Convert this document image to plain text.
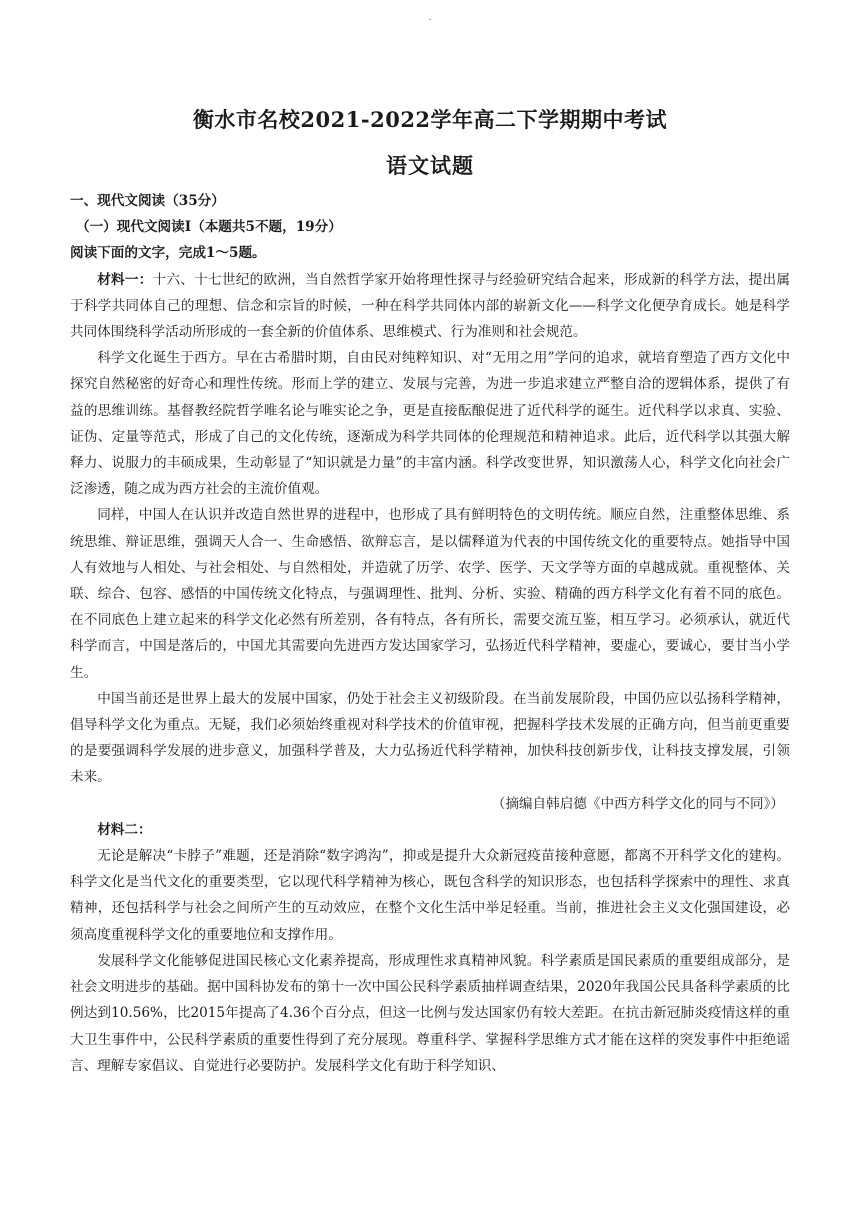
.
衡水市名校2021-2022学年高二下学期期中考试
语文试题

一、现代文阅读（35分）

（一）现代文阅读Ⅰ（本题共5不题，19分）

阅读下面的文字，完成1～5题。

材料一：十六、十七世纪的欧洲，当自然哲学家开始将理性探寻与经验研究结合起来，形成新的科学方法，提出属于科学共同体自己的理想、信念和宗旨的时候，一种在科学共同体内部的崭新文化——科学文化便孕育成长。她是科学共同体围绕科学活动所形成的一套全新的价值体系、思维模式、行为准则和社会规范。

科学文化诞生于西方。早在古希腊时期，自由民对纯粹知识、对“无用之用”学问的追求，就培育塑造了西方文化中探究自然秘密的好奇心和理性传统。形而上学的建立、发展与完善，为进一步追求建立严整自洽的逻辑体系，提供了有益的思维训练。基督教经院哲学唯名论与唯实论之争，更是直接酝酿促进了近代科学的诞生。近代科学以求真、实验、证伪、定量等范式，形成了自己的文化传统，逐渐成为科学共同体的伦理规范和精神追求。此后，近代科学以其强大解释力、说服力的丰硕成果，生动彰显了“知识就是力量”的丰富内涵。科学改变世界，知识激荡人心，科学文化向社会广泛渗透，随之成为西方社会的主流价值观。

同样，中国人在认识并改造自然世界的进程中，也形成了具有鲜明特色的文明传统。顺应自然，注重整体思维、系统思维、辩证思维，强调天人合一、生命感悟、欲辩忘言，是以儒释道为代表的中国传统文化的重要特点。她指导中国人有效地与人相处、与社会相处、与自然相处，并造就了历学、农学、医学、天文学等方面的卓越成就。重视整体、关联、综合、包容、感悟的中国传统文化特点，与强调理性、批判、分析、实验、精确的西方科学文化有着不同的底色。在不同底色上建立起来的科学文化必然有所差别，各有特点，各有所长，需要交流互鉴，相互学习。必须承认，就近代科学而言，中国是落后的，中国尤其需要向先进西方发达国家学习，弘扬近代科学精神，要虚心，要诚心，要甘当小学生。

中国当前还是世界上最大的发展中国家，仍处于社会主义初级阶段。在当前发展阶段，中国仍应以弘扬科学精神，倡导科学文化为重点。无疑，我们必须始终重视对科学技术的价值审视，把握科学技术发展的正确方向，但当前更重要的是要强调科学发展的进步意义，加强科学普及，大力弘扬近代科学精神，加快科技创新步伐，让科技支撑发展，引领未来。

（摘编自韩启德《中西方科学文化的同与不同》）

材料二：

无论是解决“卡脖子”难题，还是消除“数字鸿沟”，抑或是提升大众新冠疫苗接种意愿，都离不开科学文化的建构。科学文化是当代文化的重要类型，它以现代科学精神为核心，既包含科学的知识形态，也包括科学探索中的理性、求真精神，还包括科学与社会之间所产生的互动效应，在整个文化生活中举足轻重。当前，推进社会主义文化强国建设，必须高度重视科学文化的重要地位和支撑作用。

发展科学文化能够促进国民核心文化素养提高，形成理性求真精神风貌。科学素质是国民素质的重要组成部分，是社会文明进步的基础。据中国科协发布的第十一次中国公民科学素质抽样调查结果，2020年我国公民具备科学素质的比例达到10.56%，比2015年提高了4.36个百分点，但这一比例与发达国家仍有较大差距。在抗击新冠肺炎疫情这样的重大卫生事件中，公民科学素质的重要性得到了充分展现。尊重科学、掌握科学思维方式才能在这样的突发事件中拒绝谣言、理解专家倡议、自觉进行必要防护。发展科学文化有助于科学知识、
